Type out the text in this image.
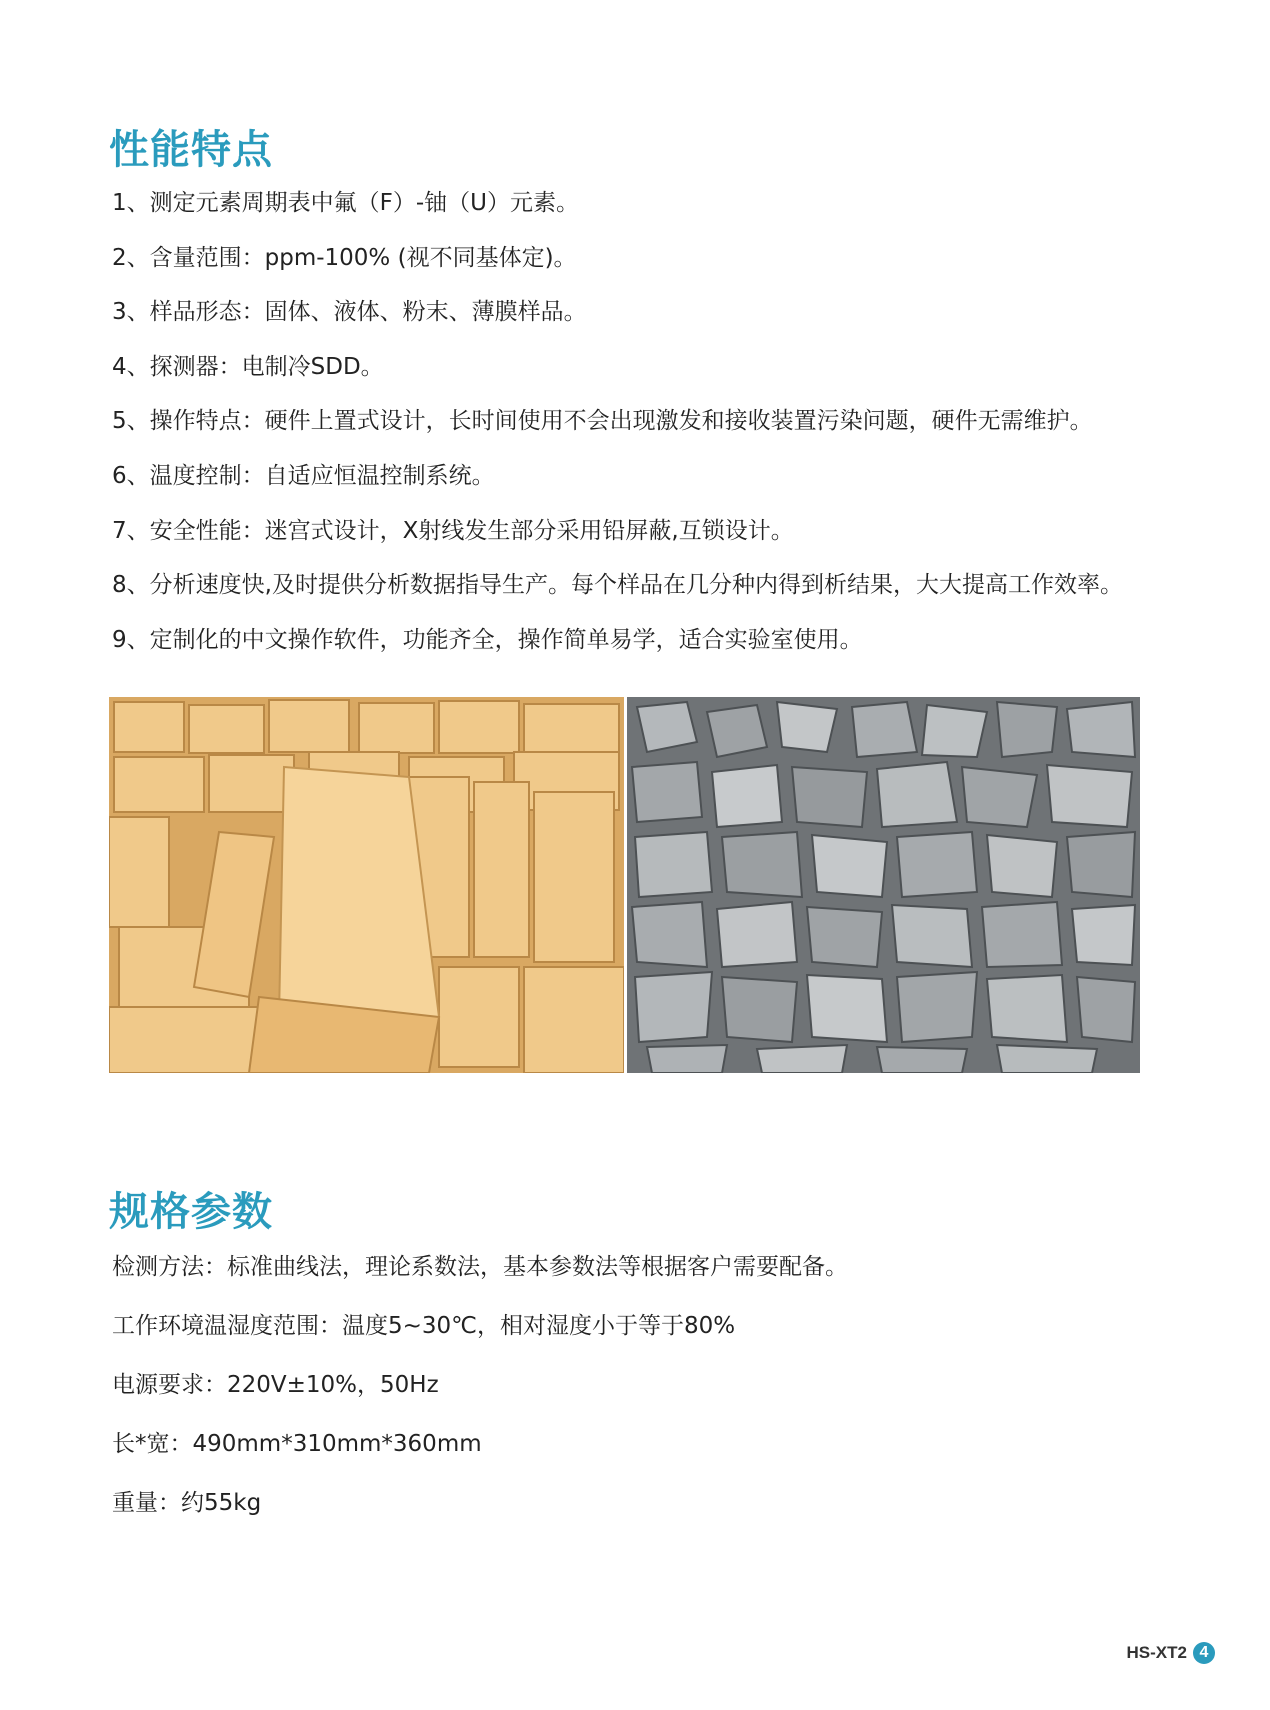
性能特点
1、测定元素周期表中氟（F）-铀（U）元素。
2、含量范围：ppm-100% (视不同基体定)。
3、样品形态：固体、液体、粉末、薄膜样品。
4、探测器：电制冷SDD。
5、操作特点：硬件上置式设计，长时间使用不会出现激发和接收装置污染问题，硬件无需维护。
6、温度控制：自适应恒温控制系统。
7、安全性能：迷宫式设计，X射线发生部分采用铅屏蔽,互锁设计。
8、分析速度快,及时提供分析数据指导生产。每个样品在几分种内得到析结果，大大提高工作效率。
9、定制化的中文操作软件，功能齐全，操作简单易学，适合实验室使用。
规格参数
检测方法：标准曲线法，理论系数法，基本参数法等根据客户需要配备。
工作环境温湿度范围：温度5~30℃，相对湿度小于等于80%
电源要求：220V±10%，50Hz
长*宽：490mm*310mm*360mm
重量：约55kg
HS-XT2 4
